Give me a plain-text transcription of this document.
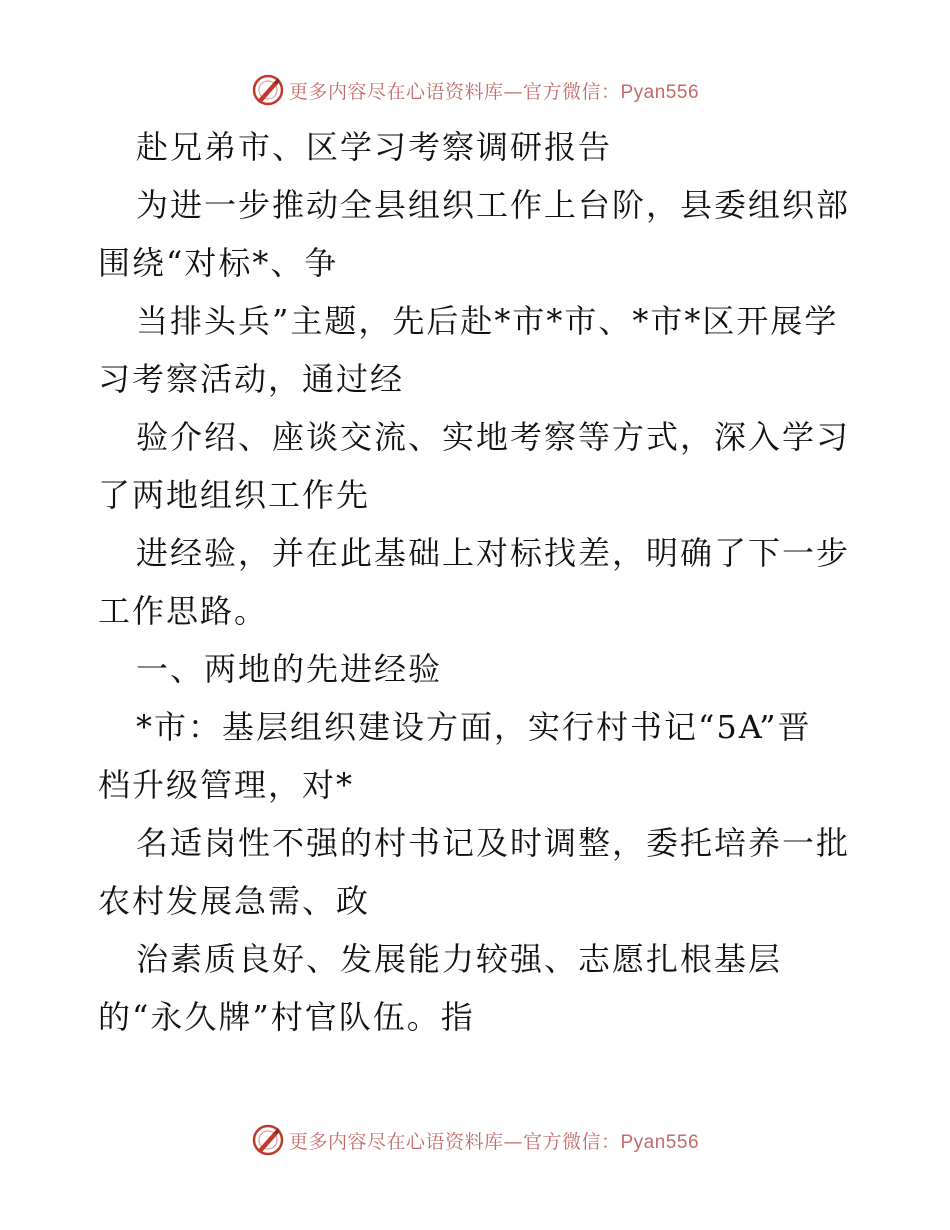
更多内容尽在心语资料库—官方微信：Pyan556
赴兄弟市、区学习考察调研报告
为进一步推动全县组织工作上台阶，县委组织部
围绕“对标*、争
当排头兵”主题，先后赴*市*市、*市*区开展学
习考察活动，通过经
验介绍、座谈交流、实地考察等方式，深入学习
了两地组织工作先
进经验，并在此基础上对标找差，明确了下一步
工作思路。
一、两地的先进经验
*市：基层组织建设方面，实行村书记“5A”晋
档升级管理，对*
名适岗性不强的村书记及时调整，委托培养一批
农村发展急需、政
治素质良好、发展能力较强、志愿扎根基层
的“永久牌”村官队伍。指
更多内容尽在心语资料库—官方微信：Pyan556
